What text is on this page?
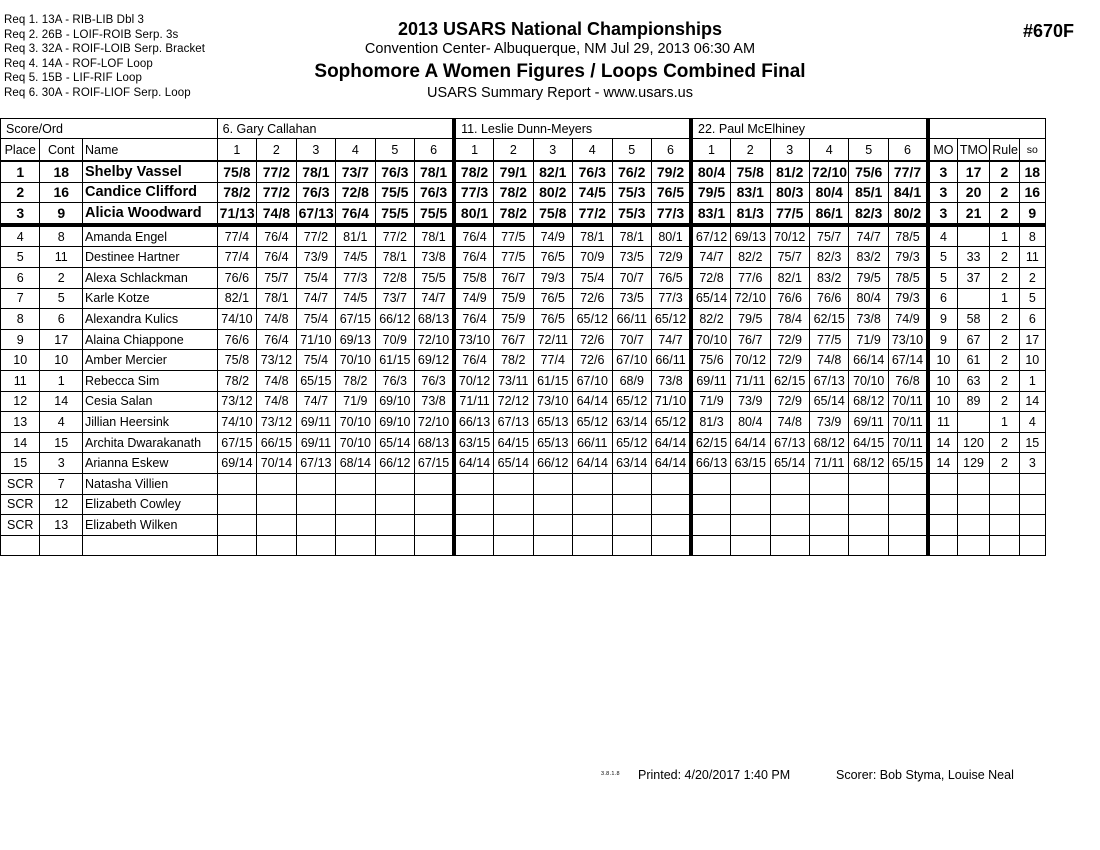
Req 1. 13A - RIB-LIB Dbl 3
Req 2. 26B - LOIF-ROIB Serp. 3s
Req 3. 32A - ROIF-LOIB Serp. Bracket
Req 4. 14A - ROF-LOF Loop
Req 5. 15B - LIF-RIF Loop
Req 6. 30A - ROIF-LIOF Serp. Loop
2013 USARS National Championships
Convention Center- Albuquerque, NM Jul 29, 2013 06:30 AM
Sophomore A Women Figures / Loops Combined Final
USARS Summary Report - www.usars.us
#670F
Score/Ord			6. Gary Callahan						11. Leslie Dunn-Meyers						22. Paul McElhiney									
Place	Cont	Name	1	2	3	4	5	6	1	2	3	4	5	6	1	2	3	4	5	6	MO	TMO	Rule	so
1	18	Shelby Vassel	75/8	77/2	78/1	73/7	76/3	78/1	78/2	79/1	82/1	76/3	76/2	79/2	80/4	75/8	81/2	72/10	75/6	77/7	3	17	2	18
2	16	Candice Clifford	78/2	77/2	76/3	72/8	75/5	76/3	77/3	78/2	80/2	74/5	75/3	76/5	79/5	83/1	80/3	80/4	85/1	84/1	3	20	2	16
3	9	Alicia Woodward	71/13	74/8	67/13	76/4	75/5	75/5	80/1	78/2	75/8	77/2	75/3	77/3	83/1	81/3	77/5	86/1	82/3	80/2	3	21	2	9
4	8	Amanda Engel	77/4	76/4	77/2	81/1	77/2	78/1	76/4	77/5	74/9	78/1	78/1	80/1	67/12	69/13	70/12	75/7	74/7	78/5	4		1	8
5	11	Destinee Hartner	77/4	76/4	73/9	74/5	78/1	73/8	76/4	77/5	76/5	70/9	73/5	72/9	74/7	82/2	75/7	82/3	83/2	79/3	5	33	2	11
6	2	Alexa Schlackman	76/6	75/7	75/4	77/3	72/8	75/5	75/8	76/7	79/3	75/4	70/7	76/5	72/8	77/6	82/1	83/2	79/5	78/5	5	37	2	2
7	5	Karle Kotze	82/1	78/1	74/7	74/5	73/7	74/7	74/9	75/9	76/5	72/6	73/5	77/3	65/14	72/10	76/6	76/6	80/4	79/3	6		1	5
8	6	Alexandra Kulics	74/10	74/8	75/4	67/15	66/12	68/13	76/4	75/9	76/5	65/12	66/11	65/12	82/2	79/5	78/4	62/15	73/8	74/9	9	58	2	6
9	17	Alaina Chiappone	76/6	76/4	71/10	69/13	70/9	72/10	73/10	76/7	72/11	72/6	70/7	74/7	70/10	76/7	72/9	77/5	71/9	73/10	9	67	2	17
10	10	Amber Mercier	75/8	73/12	75/4	70/10	61/15	69/12	76/4	78/2	77/4	72/6	67/10	66/11	75/6	70/12	72/9	74/8	66/14	67/14	10	61	2	10
11	1	Rebecca Sim	78/2	74/8	65/15	78/2	76/3	76/3	70/12	73/11	61/15	67/10	68/9	73/8	69/11	71/11	62/15	67/13	70/10	76/8	10	63	2	1
12	14	Cesia Salan	73/12	74/8	74/7	71/9	69/10	73/8	71/11	72/12	73/10	64/14	65/12	71/10	71/9	73/9	72/9	65/14	68/12	70/11	10	89	2	14
13	4	Jillian Heersink	74/10	73/12	69/11	70/10	69/10	72/10	66/13	67/13	65/13	65/12	63/14	65/12	81/3	80/4	74/8	73/9	69/11	70/11	11		1	4
14	15	Archita Dwarakanath	67/15	66/15	69/11	70/10	65/14	68/13	63/15	64/15	65/13	66/11	65/12	64/14	62/15	64/14	67/13	68/12	64/15	70/11	14	120	2	15
15	3	Arianna Eskew	69/14	70/14	67/13	68/14	66/12	67/15	64/14	65/14	66/12	64/14	63/14	64/14	66/13	63/15	65/14	71/11	68/12	65/15	14	129	2	3
SCR	7	Natasha Villien																						
SCR	12	Elizabeth Cowley																						
SCR	13	Elizabeth Wilken																						

3.8.1.8 Printed: 4/20/2017 1:40 PM	Scorer: Bob Styma, Louise Neal
